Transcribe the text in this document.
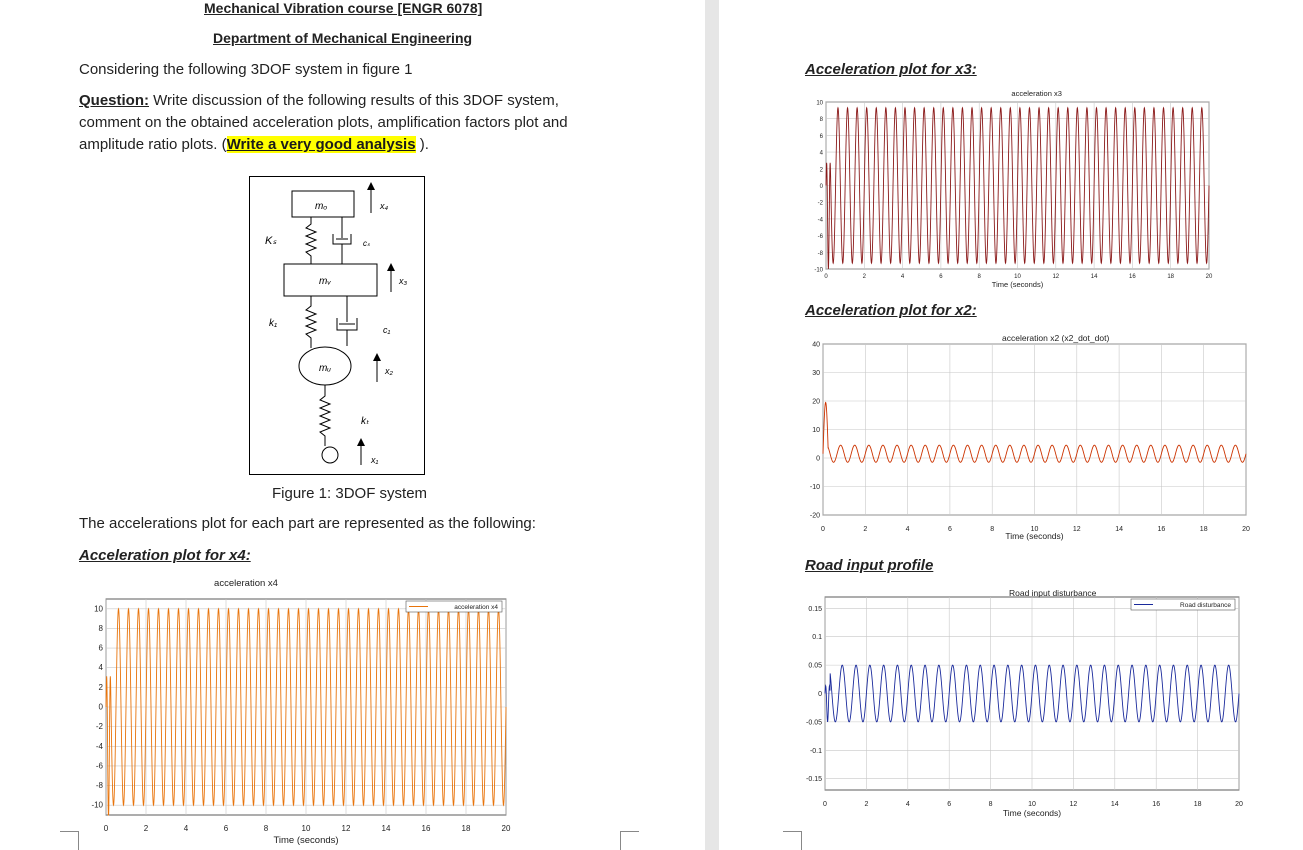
Mechanical Vibration course [ENGR 6078]
Department of Mechanical Engineering
Considering the following 3DOF system in figure 1
Question: Write discussion of the following results of this 3DOF system,
comment on the obtained acceleration plots, amplification factors plot and
amplitude ratio plots. (Write a very good analysis ).
mₒ	x₄
Kₛ	cₛ
mᵥ	x₃
k₁
c₁
mᵤ	x₂
kₜ
x₁
Figure 1: 3DOF system
The accelerations plot for each part are represented as the following:
Acceleration plot for x4:
0	2	4	6	8	10	12	14	16	18	20
10
8
6
4
2
0
-2
-4
-6
-8
-10
acceleration x4
Time (seconds)
acceleration x4
Acceleration plot for x3:
0	2	4	6	8	10	12	14	16	18	20
10
8
6
4
2
0
-2
-4
-6
-8
-10
acceleration x3
Time (seconds)
Acceleration plot for x2:
0	2	4	6	8	10	12	14	16	18	20
40
30
20
10
0
-10
-20
acceleration x2 (x2_dot_dot)
Time (seconds)
Road input profile
0	2	4	6	8	10	12	14	16	18	20
0.15
0.1
0.05
0
-0.05
-0.1
-0.15
Road input disturbance
Time (seconds)
Road disturbance
